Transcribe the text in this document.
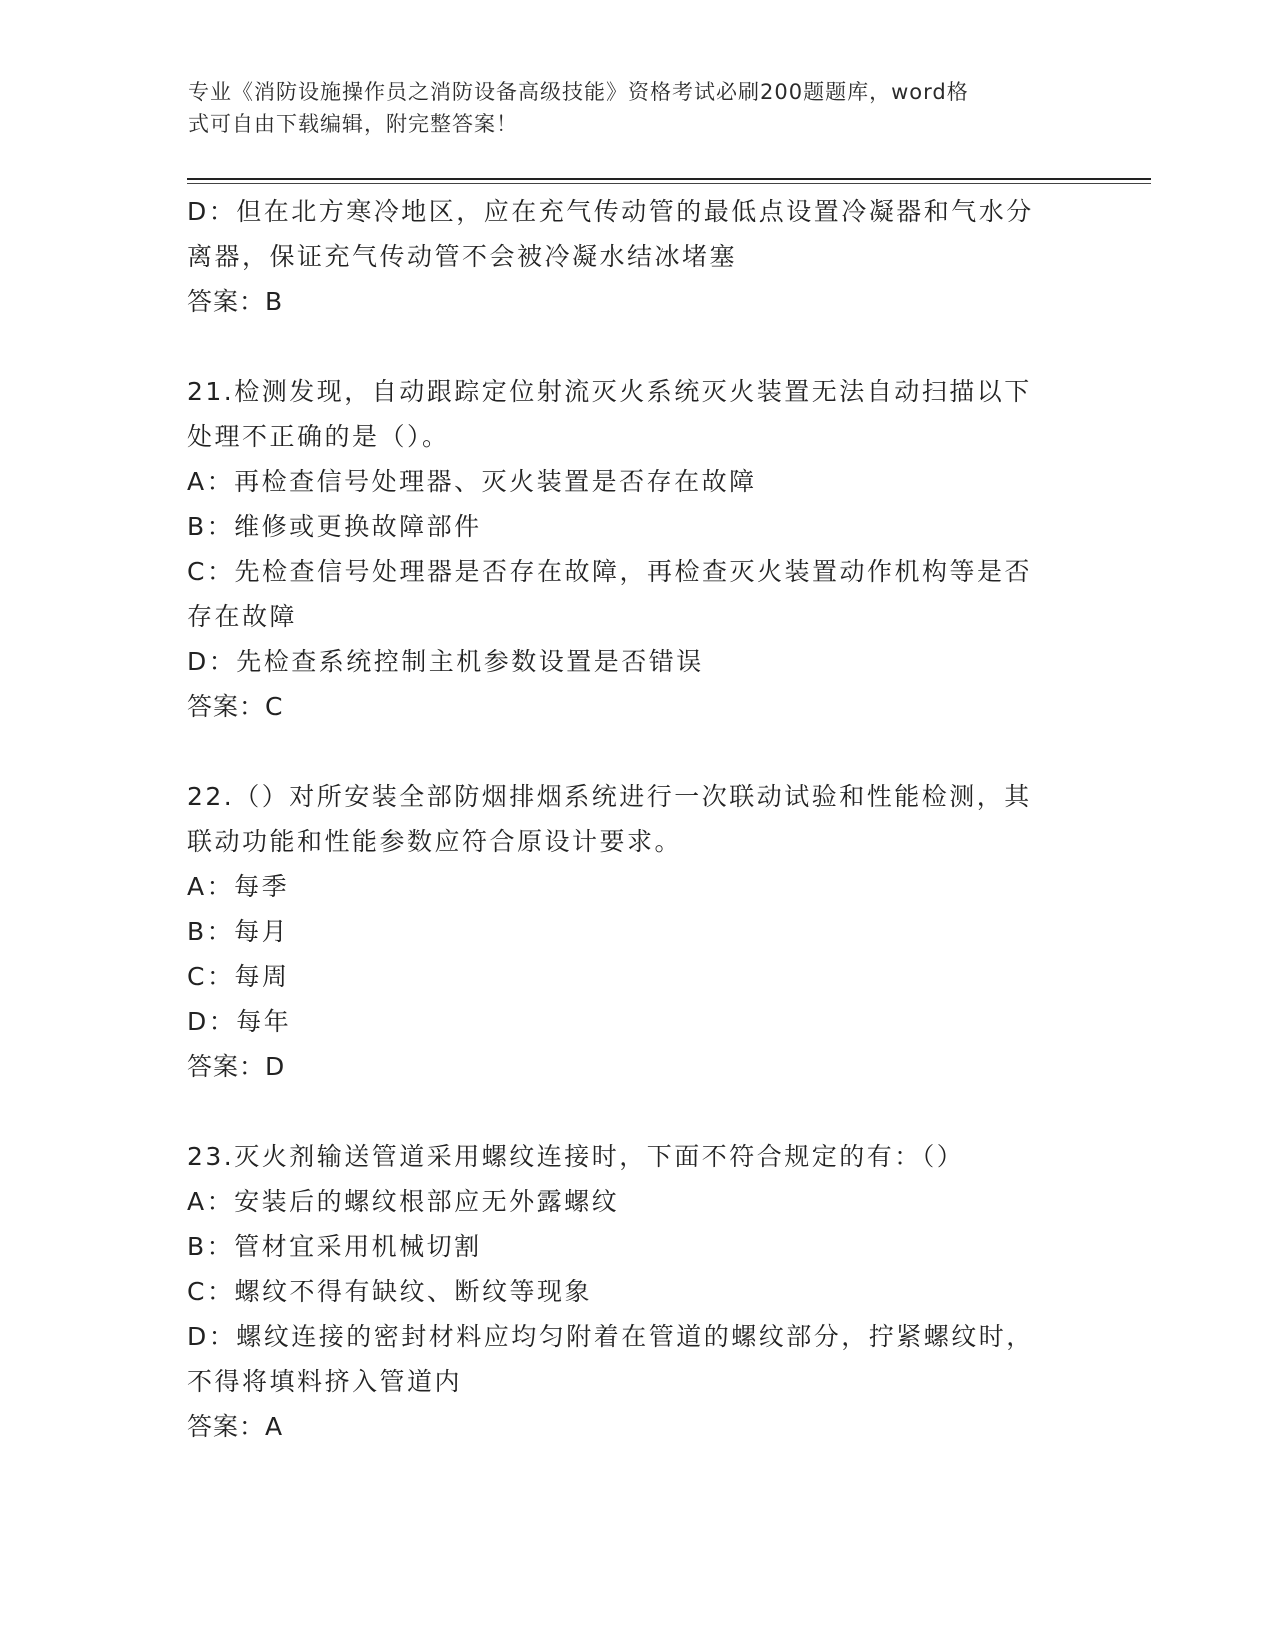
专业《消防设施操作员之消防设备高级技能》资格考试必刷200题题库，word格
式可自由下载编辑，附完整答案！
D：但在北方寒冷地区，应在充气传动管的最低点设置冷凝器和气水分
离器，保证充气传动管不会被冷凝水结冰堵塞
答案：B
21.检测发现，自动跟踪定位射流灭火系统灭火装置无法自动扫描以下
处理不正确的是（）。
A：再检查信号处理器、灭火装置是否存在故障
B：维修或更换故障部件
C：先检查信号处理器是否存在故障，再检查灭火装置动作机构等是否
存在故障
D：先检查系统控制主机参数设置是否错误
答案：C
22.（）对所安装全部防烟排烟系统进行一次联动试验和性能检测，其
联动功能和性能参数应符合原设计要求。
A：每季
B：每月
C：每周
D：每年
答案：D
23.灭火剂输送管道采用螺纹连接时，下面不符合规定的有：（）
A：安装后的螺纹根部应无外露螺纹
B：管材宜采用机械切割
C：螺纹不得有缺纹、断纹等现象
D：螺纹连接的密封材料应均匀附着在管道的螺纹部分，拧紧螺纹时，
不得将填料挤入管道内
答案：A
